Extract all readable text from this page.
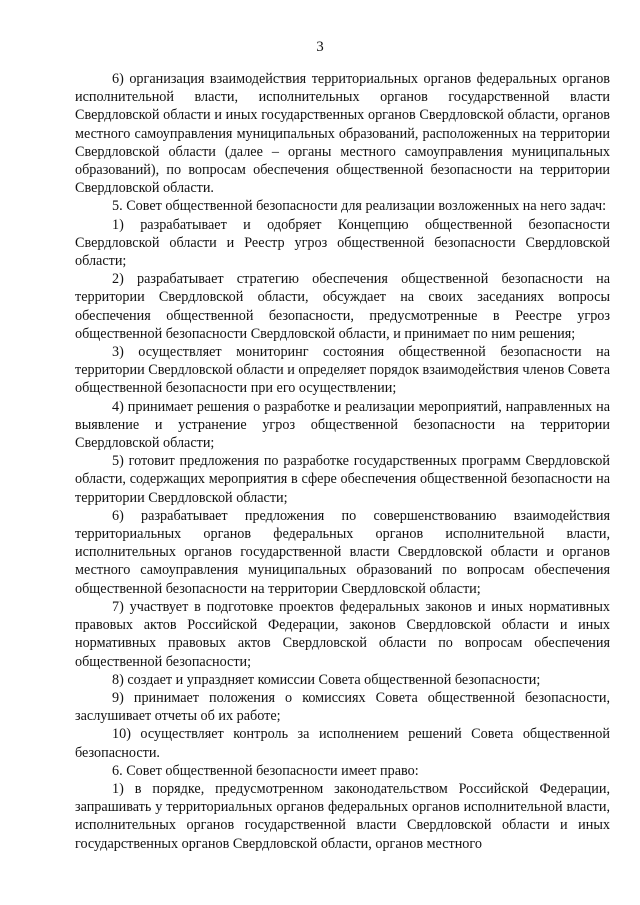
3

6) организация взаимодействия территориальных органов федеральных органов исполнительной власти, исполнительных органов государственной власти Свердловской области и иных государственных органов Свердловской области, органов местного самоуправления муниципальных образований, расположенных на территории Свердловской области (далее – органы местного самоуправления муниципальных образований), по вопросам обеспечения общественной безопасности на территории Свердловской области.

5. Совет общественной безопасности для реализации возложенных на него задач:

1) разрабатывает и одобряет Концепцию общественной безопасности Свердловской области и Реестр угроз общественной безопасности Свердловской области;

2) разрабатывает стратегию обеспечения общественной безопасности на территории Свердловской области, обсуждает на своих заседаниях вопросы обеспечения общественной безопасности, предусмотренные в Реестре угроз общественной безопасности Свердловской области, и принимает по ним решения;

3) осуществляет мониторинг состояния общественной безопасности на территории Свердловской области и определяет порядок взаимодействия членов Совета общественной безопасности при его осуществлении;

4) принимает решения о разработке и реализации мероприятий, направленных на выявление и устранение угроз общественной безопасности на территории Свердловской области;

5) готовит предложения по разработке государственных программ Свердловской области, содержащих мероприятия в сфере обеспечения общественной безопасности на территории Свердловской области;

6) разрабатывает предложения по совершенствованию взаимодействия территориальных органов федеральных органов исполнительной власти, исполнительных органов государственной власти Свердловской области и органов местного самоуправления муниципальных образований по вопросам обеспечения общественной безопасности на территории Свердловской области;

7) участвует в подготовке проектов федеральных законов и иных нормативных правовых актов Российской Федерации, законов Свердловской области и иных нормативных правовых актов Свердловской области по вопросам обеспечения общественной безопасности;

8) создает и упраздняет комиссии Совета общественной безопасности;

9) принимает положения о комиссиях Совета общественной безопасности, заслушивает отчеты об их работе;

10) осуществляет контроль за исполнением решений Совета общественной безопасности.

6. Совет общественной безопасности имеет право:

1) в порядке, предусмотренном законодательством Российской Федерации, запрашивать у территориальных органов федеральных органов исполнительной власти, исполнительных органов государственной власти Свердловской области и иных государственных органов Свердловской области, органов местного
